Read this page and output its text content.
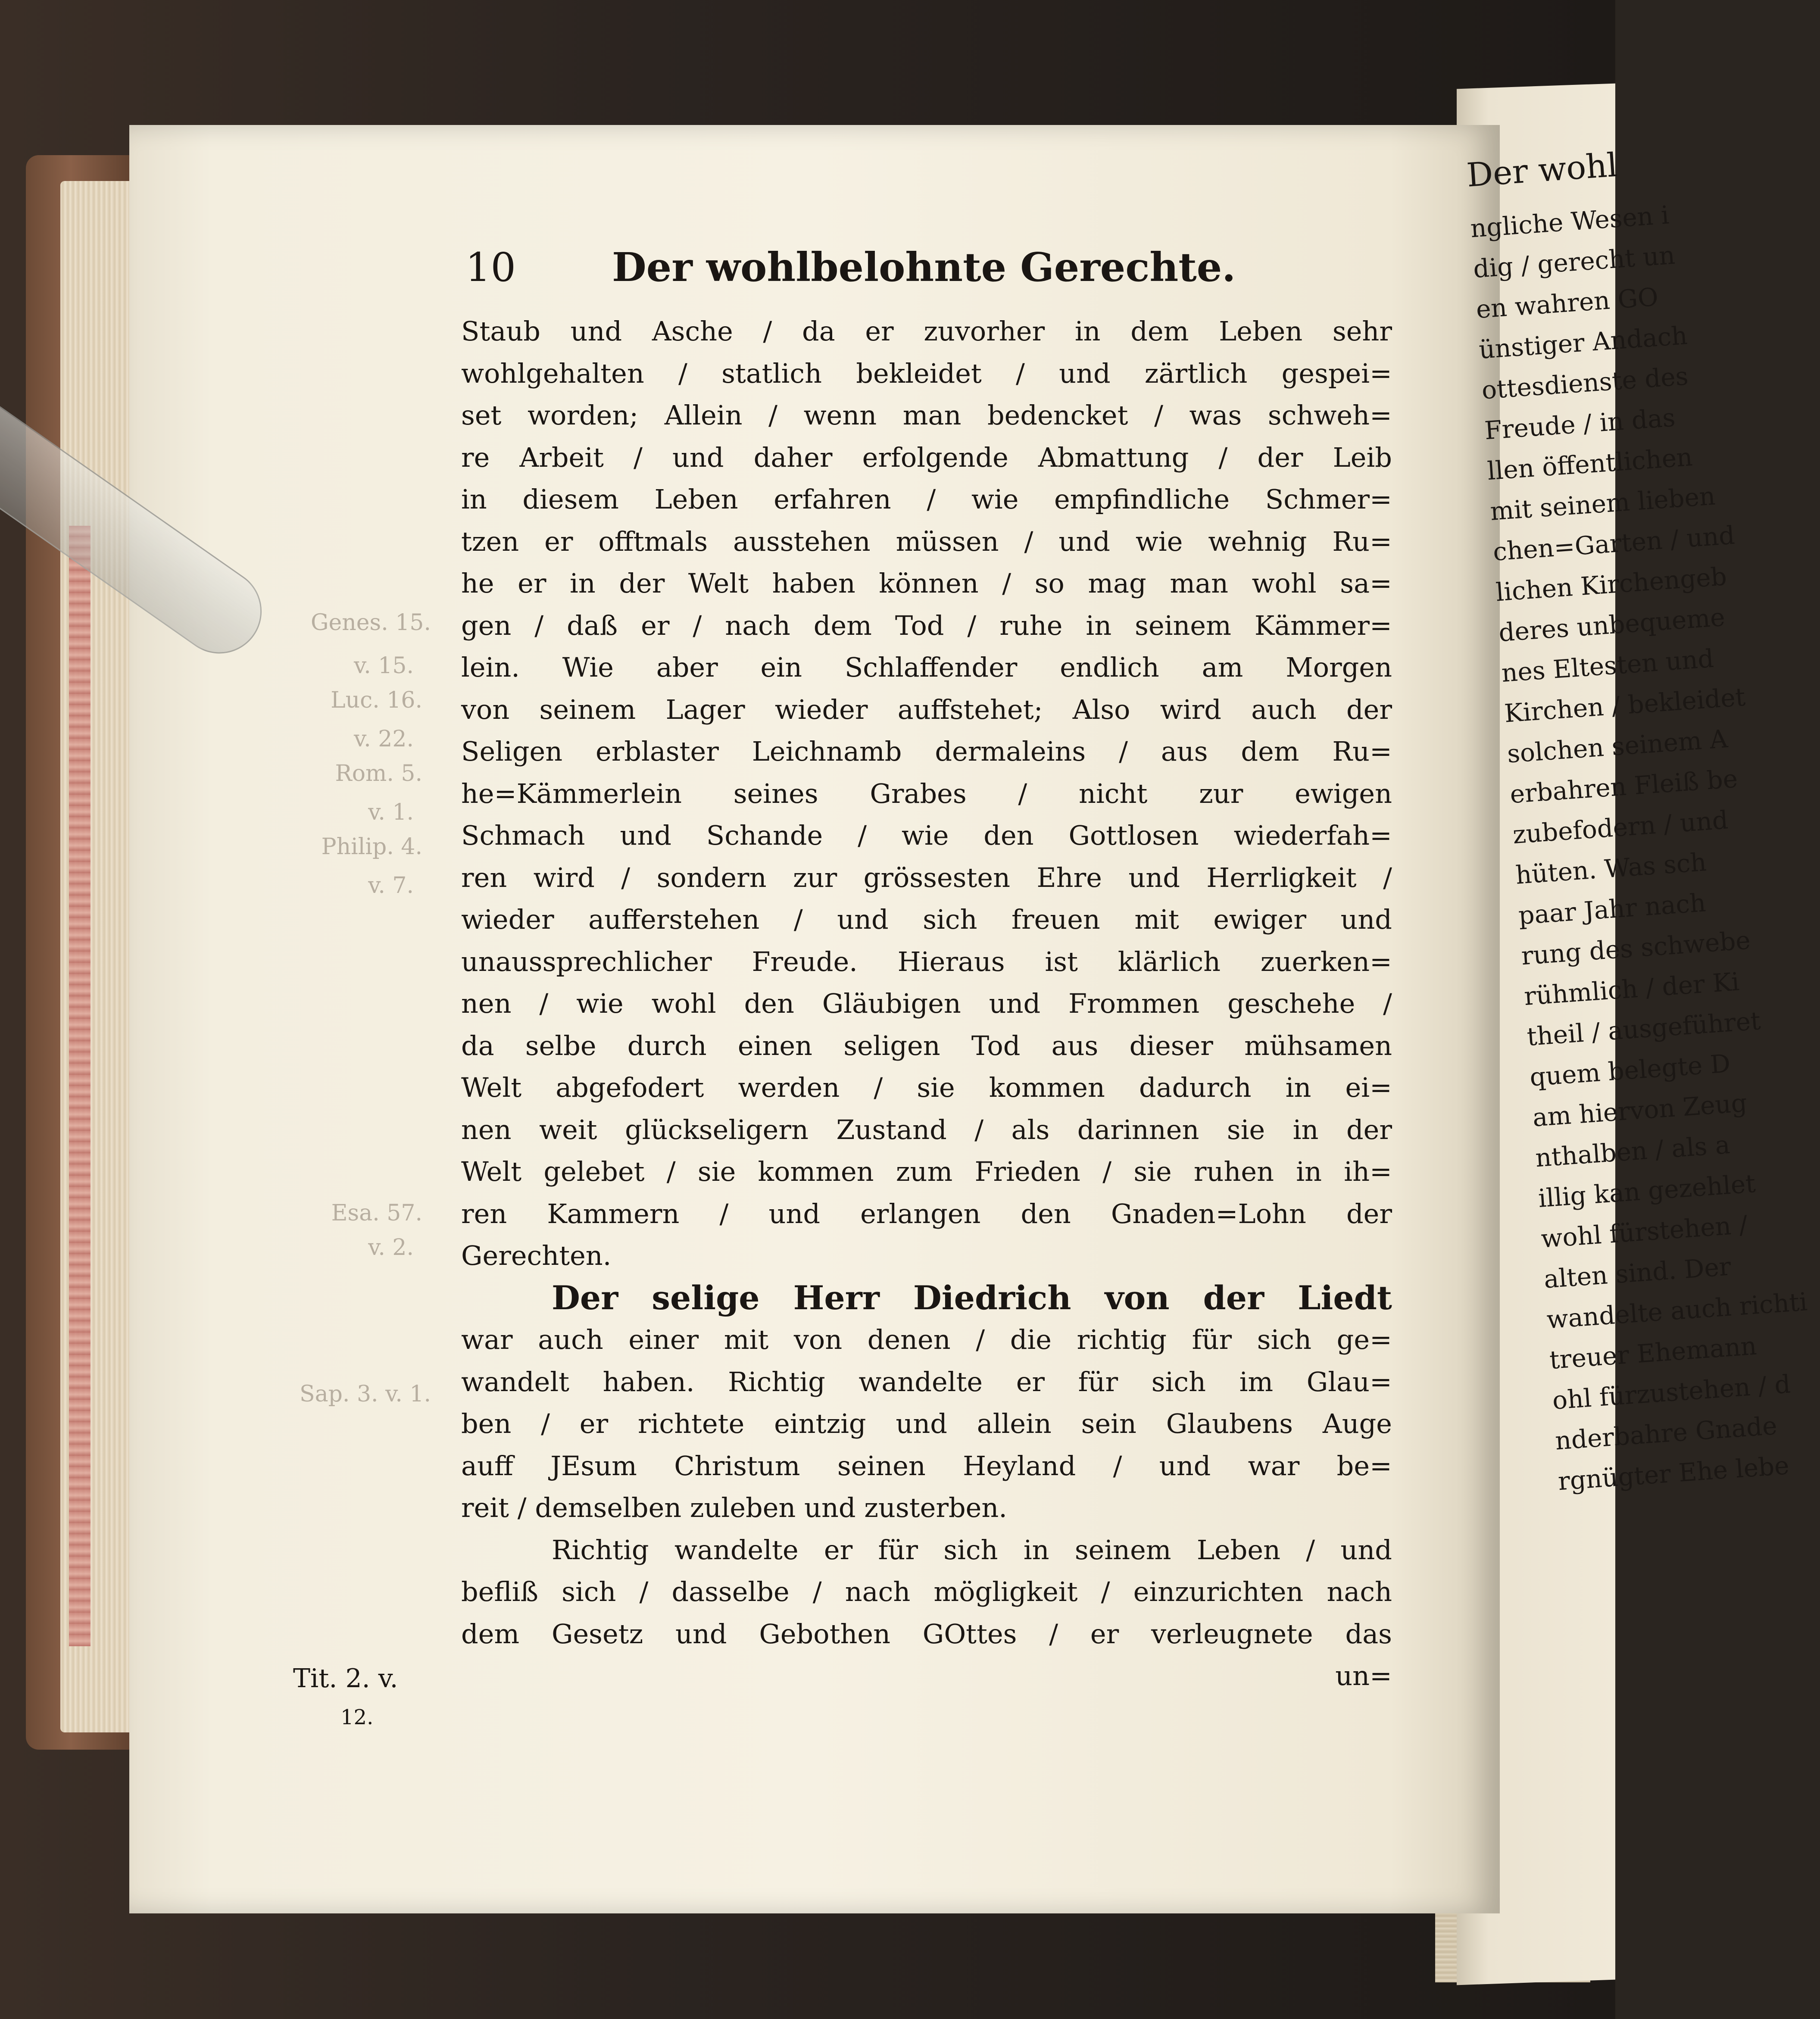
Genes. 15.
v. 15.
Luc. 16.
v. 22.
Rom. 5.
v. 1.
Philip. 4.
v. 7.
Esa. 57.
v. 2.
Sap. 3. v. 1.
Tit. 2. v.
12.
10 Der wohlbelohnte Gerechte.
Staub und Asche / da er zuvorher in dem Leben sehr
wohlgehalten / statlich bekleidet / und zärtlich gespei=
set worden; Allein / wenn man bedencket / was schweh=
re Arbeit / und daher erfolgende Abmattung / der Leib
in diesem Leben erfahren / wie empfindliche Schmer=
tzen er offtmals ausstehen müssen / und wie wehnig Ru=
he er in der Welt haben können / so mag man wohl sa=
gen / daß er / nach dem Tod / ruhe in seinem Kämmer=
lein. Wie aber ein Schlaffender endlich am Morgen
von seinem Lager wieder auffstehet; Also wird auch der
Seligen erblaster Leichnamb dermaleins / aus dem Ru=
he=Kämmerlein seines Grabes / nicht zur ewigen
Schmach und Schande / wie den Gottlosen wiederfah=
ren wird / sondern zur grössesten Ehre und Herrligkeit /
wieder aufferstehen / und sich freuen mit ewiger und
unaussprechlicher Freude. Hieraus ist klärlich zuerken=
nen / wie wohl den Gläubigen und Frommen geschehe /
da selbe durch einen seligen Tod aus dieser mühsamen
Welt abgefodert werden / sie kommen dadurch in ei=
nen weit glückseligern Zustand / als darinnen sie in der
Welt gelebet / sie kommen zum Frieden / sie ruhen in ih=
ren Kammern / und erlangen den Gnaden=Lohn der
Gerechten.
Der selige Herr Diedrich von der Liedt
war auch einer mit von denen / die richtig für sich ge=
wandelt haben. Richtig wandelte er für sich im Glau=
ben / er richtete eintzig und allein sein Glaubens Auge
auff JEsum Christum seinen Heyland / und war be=
reit / demselben zuleben und zusterben.
Richtig wandelte er für sich in seinem Leben / und
befliß sich / dasselbe / nach mögligkeit / einzurichten nach
dem Gesetz und Gebothen GOttes / er verleugnete das
un=
Der wohl
ngliche Wesen i
dig / gerecht un
en wahren GO
ünstiger Andach
ottesdienste des
Freude / in das
llen öffentlichen
mit seinem lieben
chen=Garten / und
lichen Kirchengeb
deres unbequeme
nes Eltesten und
Kirchen / bekleidet
solchen seinem A
erbahren Fleiß be
zubefodern / und
hüten. Was sch
paar Jahr nach
rung des schwebe
rühmlich / der Ki
theil / ausgeführet
quem belegte D
am hiervon Zeug
nthalben / als a
illig kan gezehlet
wohl fürstehen /
alten sind. Der
wandelte auch richti
treuer Ehemann
ohl fürzustehen / d
nderbahre Gnade
rgnügter Ehe lebe
